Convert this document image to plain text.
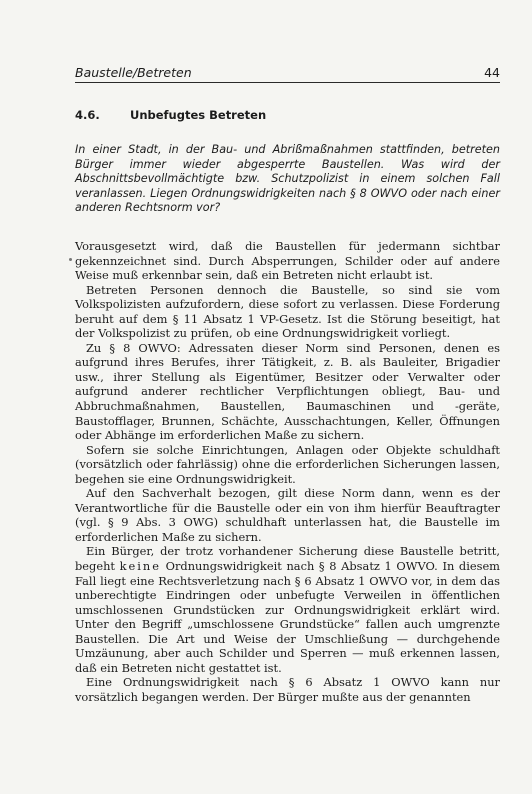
Baustelle/Betreten	44
4.6.	Unbefugtes Betreten

In einer Stadt, in der Bau- und Abrißmaßnahmen stattfinden, betreten Bürger immer wieder abgesperrte Baustellen. Was wird der Abschnittsbevollmächtigte bzw. Schutzpolizist in einem solchen Fall veranlassen. Liegen Ordnungswidrigkeiten nach § 8 OWVO oder nach einer anderen Rechtsnorm vor?

Vorausgesetzt wird, daß die Baustellen für jedermann sichtbar gekennzeichnet sind. Durch Absperrungen, Schilder oder auf andere Weise muß erkennbar sein, daß ein Betreten nicht erlaubt ist.

Betreten Personen dennoch die Baustelle, so sind sie vom Volkspolizisten aufzufordern, diese sofort zu verlassen. Diese Forderung beruht auf dem § 11 Absatz 1 VP-Gesetz. Ist die Störung beseitigt, hat der Volkspolizist zu prüfen, ob eine Ordnungswidrigkeit vorliegt.

Zu § 8 OWVO: Adressaten dieser Norm sind Personen, denen es aufgrund ihres Berufes, ihrer Tätigkeit, z. B. als Bauleiter, Brigadier usw., ihrer Stellung als Eigentümer, Besitzer oder Verwalter oder aufgrund anderer rechtlicher Verpflichtungen obliegt, Bau- und Abbruchmaßnahmen, Baustellen, Baumaschinen und -geräte, Baustofflager, Brunnen, Schächte, Ausschachtungen, Keller, Öffnungen oder Abhänge im erforderlichen Maße zu sichern.

Sofern sie solche Einrichtungen, Anlagen oder Objekte schuldhaft (vorsätzlich oder fahrlässig) ohne die erforderlichen Sicherungen lassen, begehen sie eine Ordnungswidrigkeit.

Auf den Sachverhalt bezogen, gilt diese Norm dann, wenn es der Verantwortliche für die Baustelle oder ein von ihm hierfür Beauftragter (vgl. § 9 Abs. 3 OWG) schuldhaft unterlassen hat, die Baustelle im erforderlichen Maße zu sichern.

Ein Bürger, der trotz vorhandener Sicherung diese Baustelle betritt, begeht keine Ordnungswidrigkeit nach § 8 Absatz 1 OWVO. In diesem Fall liegt eine Rechtsverletzung nach § 6 Absatz 1 OWVO vor, in dem das unberechtigte Eindringen oder unbefugte Verweilen in öffentlichen umschlossenen Grundstücken zur Ordnungswidrigkeit erklärt wird. Unter den Begriff „umschlossene Grundstücke“ fallen auch umgrenzte Baustellen. Die Art und Weise der Umschließung — durchgehende Umzäunung, aber auch Schilder und Sperren — muß erkennen lassen, daß ein Betreten nicht gestattet ist.

Eine Ordnungswidrigkeit nach § 6 Absatz 1 OWVO kann nur vorsätzlich begangen werden. Der Bürger mußte aus der genannten
